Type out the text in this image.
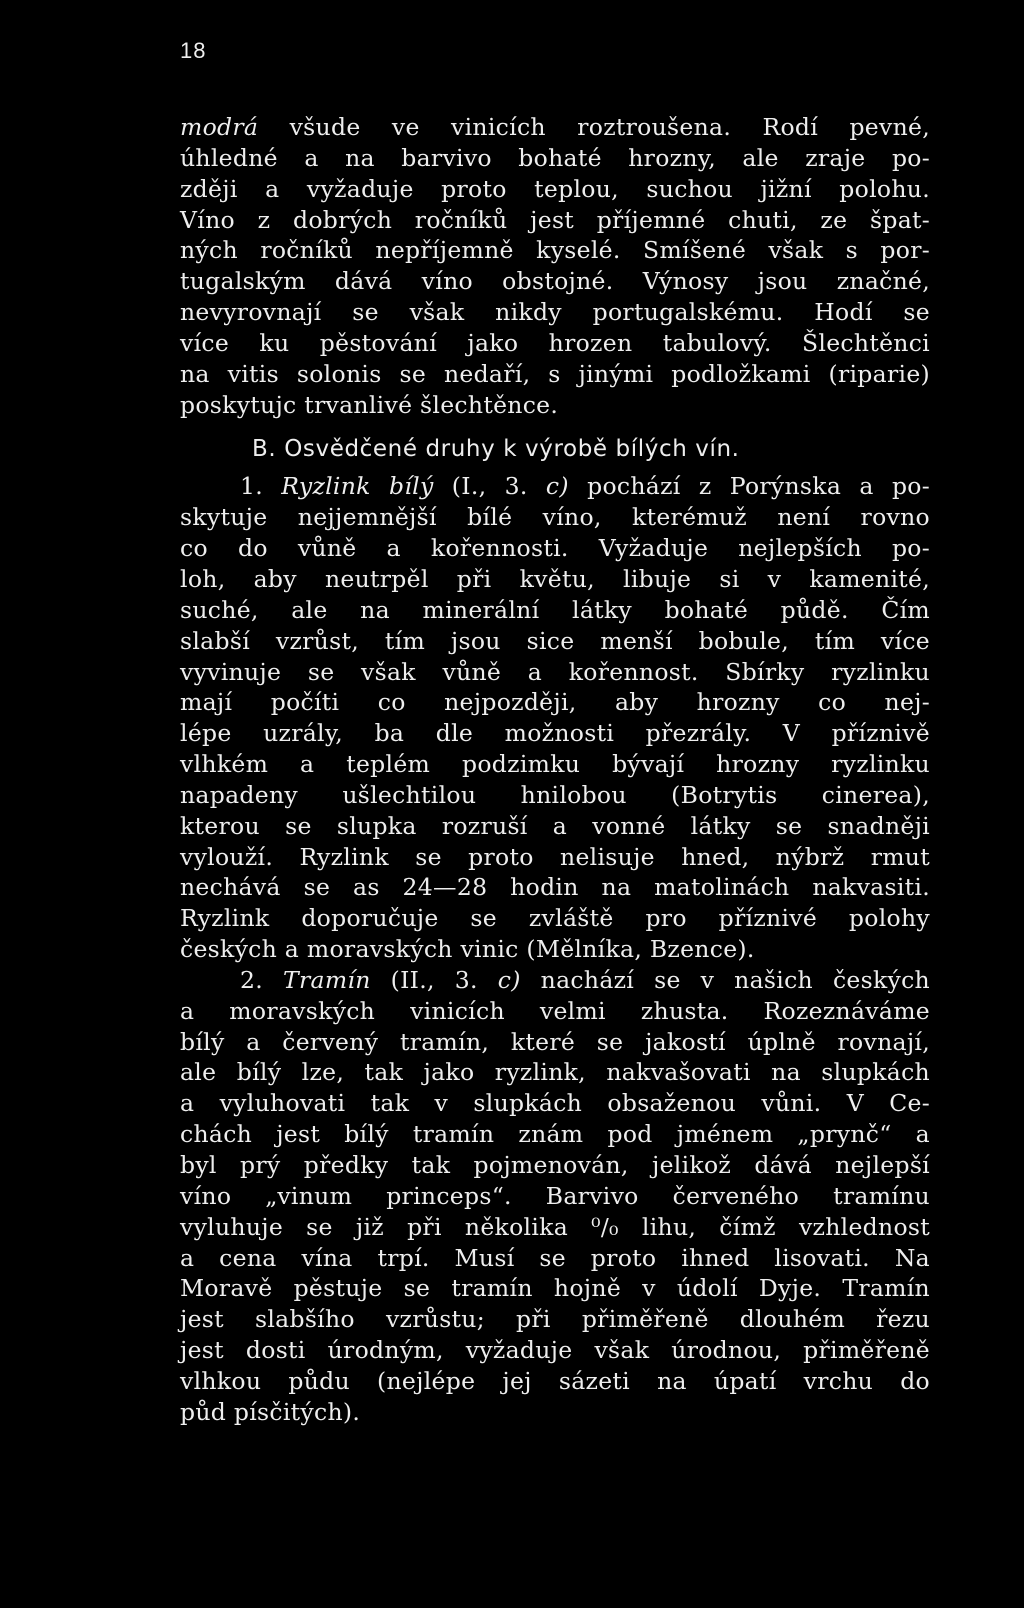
18
modrá všude ve vinicích roztroušena. Rodí pevné,
úhledné a na barvivo bohaté hrozny, ale zraje po-
zději a vyžaduje proto teplou, suchou jižní polohu.
Víno z dobrých ročníků jest příjemné chuti, ze špat-
ných ročníků nepříjemně kyselé. Smíšené však s por-
tugalským dává víno obstojné. Výnosy jsou značné,
nevyrovnají se však nikdy portugalskému. Hodí se
více ku pěstování jako hrozen tabulový. Šlechtěnci
na vitis solonis se nedaří, s jinými podložkami (riparie)
poskytujc trvanlivé šlechtěnce.
B. Osvědčené druhy k výrobě bílých vín.
1. Ryzlink bílý (I., 3. c) pochází z Porýnska a po-
skytuje nejjemnější bílé víno, kterémuž není rovno
co do vůně a kořennosti. Vyžaduje nejlepších po-
loh, aby neutrpěl při květu, libuje si v kamenité,
suché, ale na minerální látky bohaté půdě. Čím
slabší vzrůst, tím jsou sice menší bobule, tím více
vyvinuje se však vůně a kořennost. Sbírky ryzlinku
mají počíti co nejpozději, aby hrozny co nej-
lépe uzrály, ba dle možnosti přezrály. V příznivě
vlhkém a teplém podzimku bývají hrozny ryzlinku
napadeny ušlechtilou hnilobou (Botrytis cinerea),
kterou se slupka rozruší a vonné látky se snadněji
vylouží. Ryzlink se proto nelisuje hned, nýbrž rmut
nechává se as 24—28 hodin na matolinách nakvasiti.
Ryzlink doporučuje se zvláště pro příznivé polohy
českých a moravských vinic (Mělníka, Bzence).
2. Tramín (II., 3. c) nachází se v našich českých
a moravských vinicích velmi zhusta. Rozeznáváme
bílý a červený tramín, které se jakostí úplně rovnají,
ale bílý lze, tak jako ryzlink, nakvašovati na slupkách
a vyluhovati tak v slupkách obsaženou vůni. V Ce-
chách jest bílý tramín znám pod jménem „prynč“ a
byl prý předky tak pojmenován, jelikož dává nejlepší
víno „vinum princeps“. Barvivo červeného tramínu
vyluhuje se již při několika ⁰/₀ lihu, čímž vzhlednost
a cena vína trpí. Musí se proto ihned lisovati. Na
Moravě pěstuje se tramín hojně v údolí Dyje. Tramín
jest slabšího vzrůstu; při přiměřeně dlouhém řezu
jest dosti úrodným, vyžaduje však úrodnou, přiměřeně
vlhkou půdu (nejlépe jej sázeti na úpatí vrchu do
půd písčitých).
